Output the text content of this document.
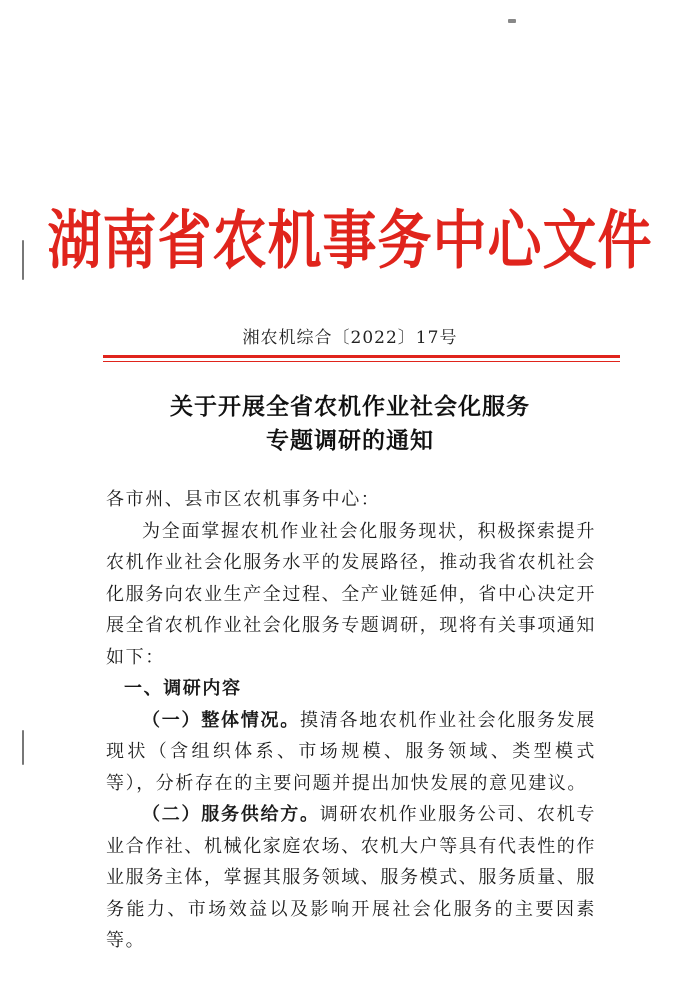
湖南省农机事务中心文件
湘农机综合〔2022〕17号
关于开展全省农机作业社会化服务
专题调研的通知

各市州、县市区农机事务中心：

为全面掌握农机作业社会化服务现状，积极探索提升农机作业社会化服务水平的发展路径，推动我省农机社会化服务向农业生产全过程、全产业链延伸，省中心决定开展全省农机作业社会化服务专题调研，现将有关事项通知如下：

一、调研内容

（一）整体情况。摸清各地农机作业社会化服务发展现状（含组织体系、市场规模、服务领域、类型模式等），分析存在的主要问题并提出加快发展的意见建议。

（二）服务供给方。调研农机作业服务公司、农机专业合作社、机械化家庭农场、农机大户等具有代表性的作业服务主体，掌握其服务领域、服务模式、服务质量、服务能力、市场效益以及影响开展社会化服务的主要因素等。
